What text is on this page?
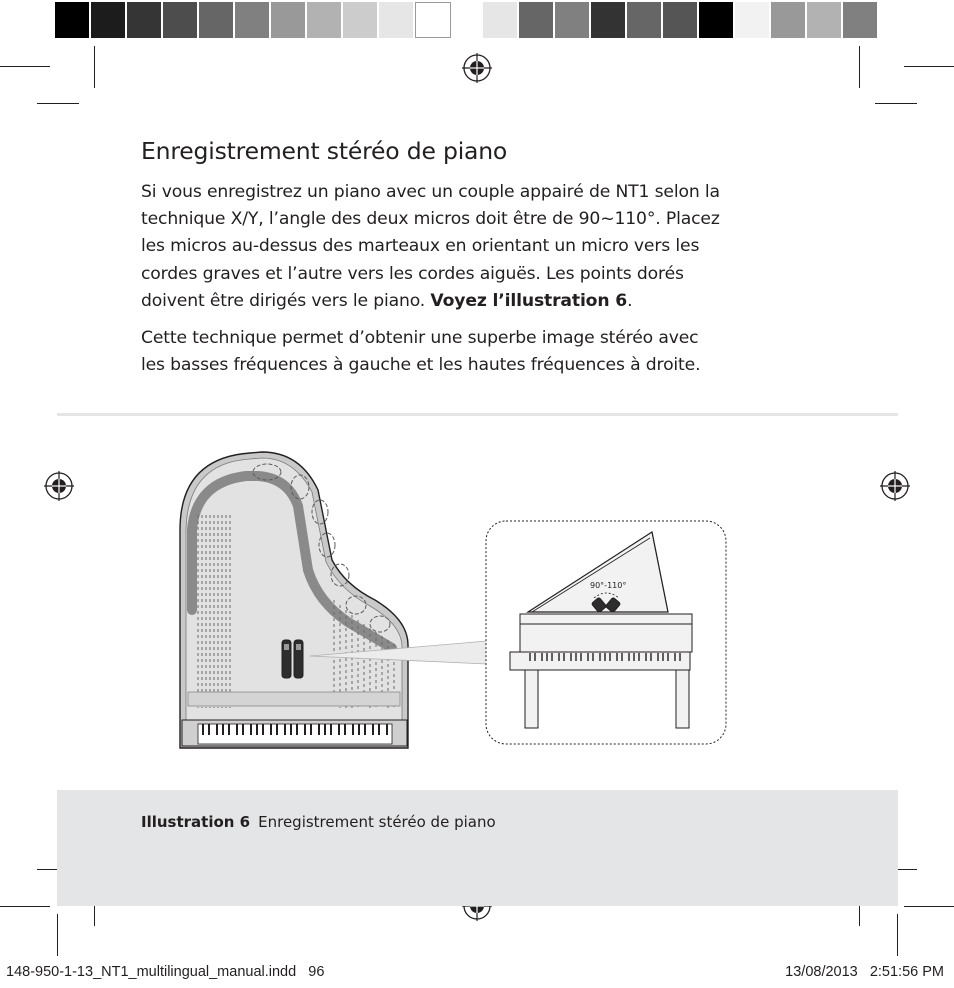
Enregistrement stéréo de piano

Si vous enregistrez un piano avec un couple appairé de NT1 selon la
technique X/Y, l’angle des deux micros doit être de 90~110°. Placez
les micros au-dessus des marteaux en orientant un micro vers les
cordes graves et l’autre vers les cordes aiguës. Les points dorés
doivent être dirigés vers le piano. Voyez l’illustration 6.

Cette technique permet d’obtenir une superbe image stéréo avec
les basses fréquences à gauche et les hautes fréquences à droite.

90°-110°
Illustration 6 Enregistrement stéréo de piano
148-950-1-13_NT1_multilingual_manual.indd   96	13/08/2013   2:51:56 PM
